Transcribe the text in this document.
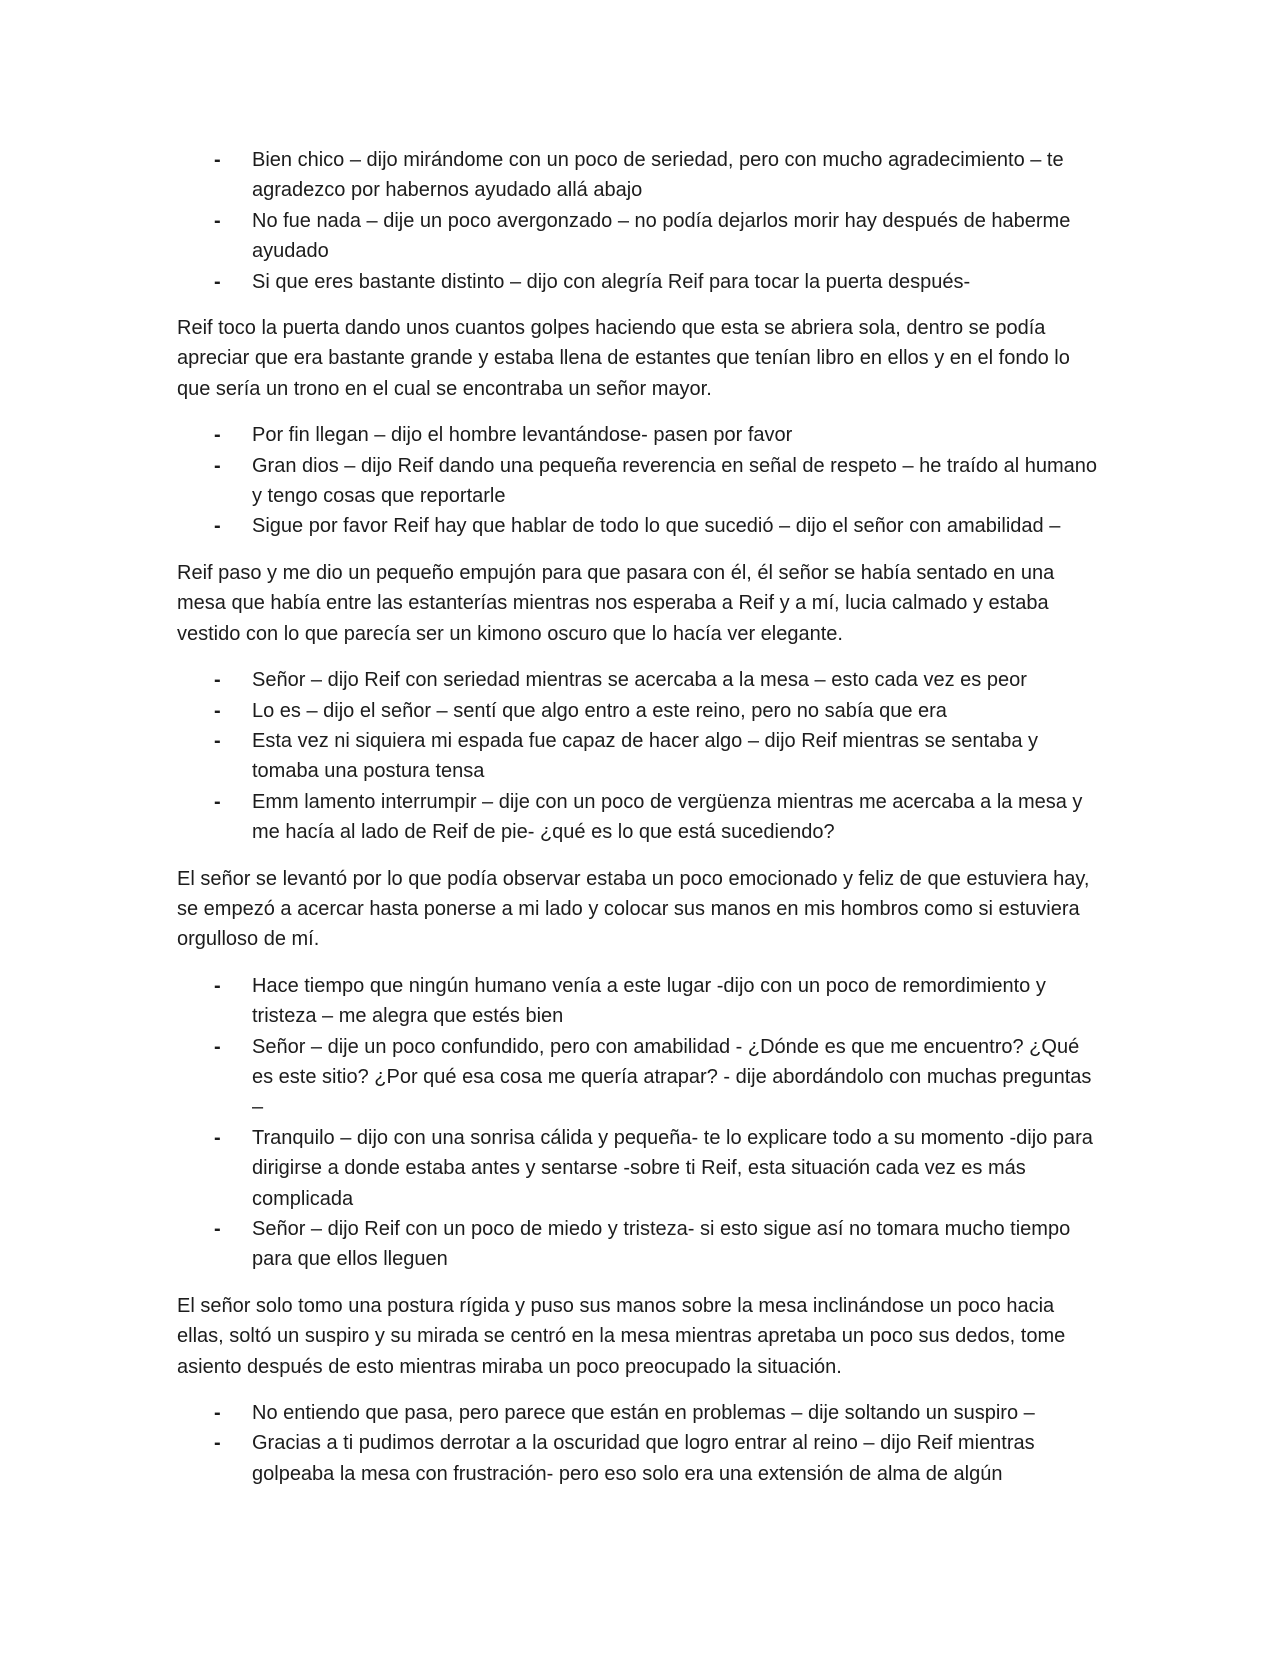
- Bien chico – dijo mirándome con un poco de seriedad, pero con mucho agradecimiento – te agradezco por habernos ayudado allá abajo
- No fue nada – dije un poco avergonzado – no podía dejarlos morir hay después de haberme ayudado
- Si que eres bastante distinto – dijo con alegría Reif para tocar la puerta después-

Reif toco la puerta dando unos cuantos golpes haciendo que esta se abriera sola, dentro se podía apreciar que era bastante grande y estaba llena de estantes que tenían libro en ellos y en el fondo lo que sería un trono en el cual se encontraba un señor mayor.

- Por fin llegan – dijo el hombre levantándose- pasen por favor
- Gran dios – dijo Reif dando una pequeña reverencia en señal de respeto – he traído al humano y tengo cosas que reportarle
- Sigue por favor Reif hay que hablar de todo lo que sucedió – dijo el señor con amabilidad –

Reif paso y me dio un pequeño empujón para que pasara con él, él señor se había sentado en una mesa que había entre las estanterías mientras nos esperaba a Reif y a mí, lucia calmado y estaba vestido con lo que parecía ser un kimono oscuro que lo hacía ver elegante.

- Señor – dijo Reif con seriedad mientras se acercaba a la mesa – esto cada vez es peor
- Lo es – dijo el señor – sentí que algo entro a este reino, pero no sabía que era
- Esta vez ni siquiera mi espada fue capaz de hacer algo – dijo Reif mientras se sentaba y tomaba una postura tensa
- Emm lamento interrumpir – dije con un poco de vergüenza mientras me acercaba a la mesa y me hacía al lado de Reif de pie- ¿qué es lo que está sucediendo?

El señor se levantó por lo que podía observar estaba un poco emocionado y feliz de que estuviera hay, se empezó a acercar hasta ponerse a mi lado y colocar sus manos en mis hombros como si estuviera orgulloso de mí.

- Hace tiempo que ningún humano venía a este lugar -dijo con un poco de remordimiento y tristeza – me alegra que estés bien
- Señor – dije un poco confundido, pero con amabilidad - ¿Dónde es que me encuentro? ¿Qué es este sitio? ¿Por qué esa cosa me quería atrapar? - dije abordándolo con muchas preguntas –
- Tranquilo – dijo con una sonrisa cálida y pequeña- te lo explicare todo a su momento -dijo para dirigirse a donde estaba antes y sentarse -sobre ti Reif, esta situación cada vez es más complicada
- Señor – dijo Reif con un poco de miedo y tristeza- si esto sigue así no tomara mucho tiempo para que ellos lleguen

El señor solo tomo una postura rígida y puso sus manos sobre la mesa inclinándose un poco hacia ellas, soltó un suspiro y su mirada se centró en la mesa mientras apretaba un poco sus dedos, tome asiento después de esto mientras miraba un poco preocupado la situación.

- No entiendo que pasa, pero parece que están en problemas – dije soltando un suspiro –
- Gracias a ti pudimos derrotar a la oscuridad que logro entrar al reino – dijo Reif mientras golpeaba la mesa con frustración- pero eso solo era una extensión de alma de algún
